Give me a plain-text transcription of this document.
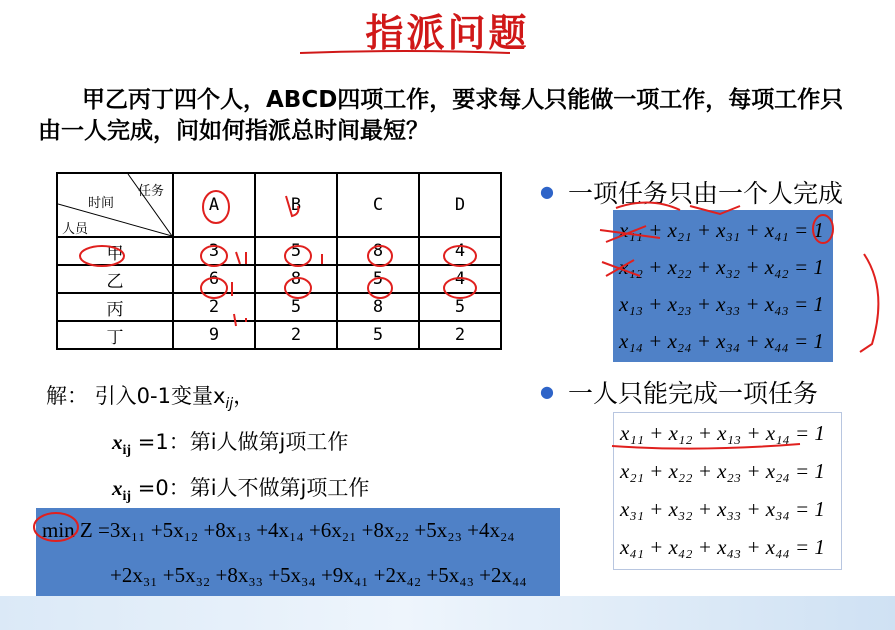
指派问题
甲乙丙丁四个人，ABCD四项工作，要求每人只能做一项工作，每项工作只由一人完成，问如何指派总时间最短？
任务
时间
人员	A	B	C	D
甲	3	5	8	4
乙	6	8	5	4
丙	2	5	8	5
丁	9	2	5	2
● 一项任务只由一个人完成
x₁₁ + x₂₁ + x₃₁ + x₄₁ = 1
x₁₂ + x₂₂ + x₃₂ + x₄₂ = 1
x₁₃ + x₂₃ + x₃₃ + x₄₃ = 1
x₁₄ + x₂₄ + x₃₄ + x₄₄ = 1
● 一人只能完成一项任务
x₁₁ + x₁₂ + x₁₃ + x₁₄ = 1
x₂₁ + x₂₂ + x₂₃ + x₂₄ = 1
x₃₁ + x₃₂ + x₃₃ + x₃₄ = 1
x₄₁ + x₄₂ + x₄₃ + x₄₄ = 1
解： 引入0-1变量$x_{ij}$，
$x_{ij} =1$：第i人做第j项工作
$x_{ij} =0$：第i人不做第j项工作
min Z =3x₁₁ +5x₁₂ +8x₁₃ +4x₁₄ +6x₂₁ +8x₂₂ +5x₂₃ +4x₂₄
+2x₃₁ +5x₃₂ +8x₃₃ +5x₃₄ +9x₄₁ +2x₄₂ +5x₄₃ +2x₄₄
